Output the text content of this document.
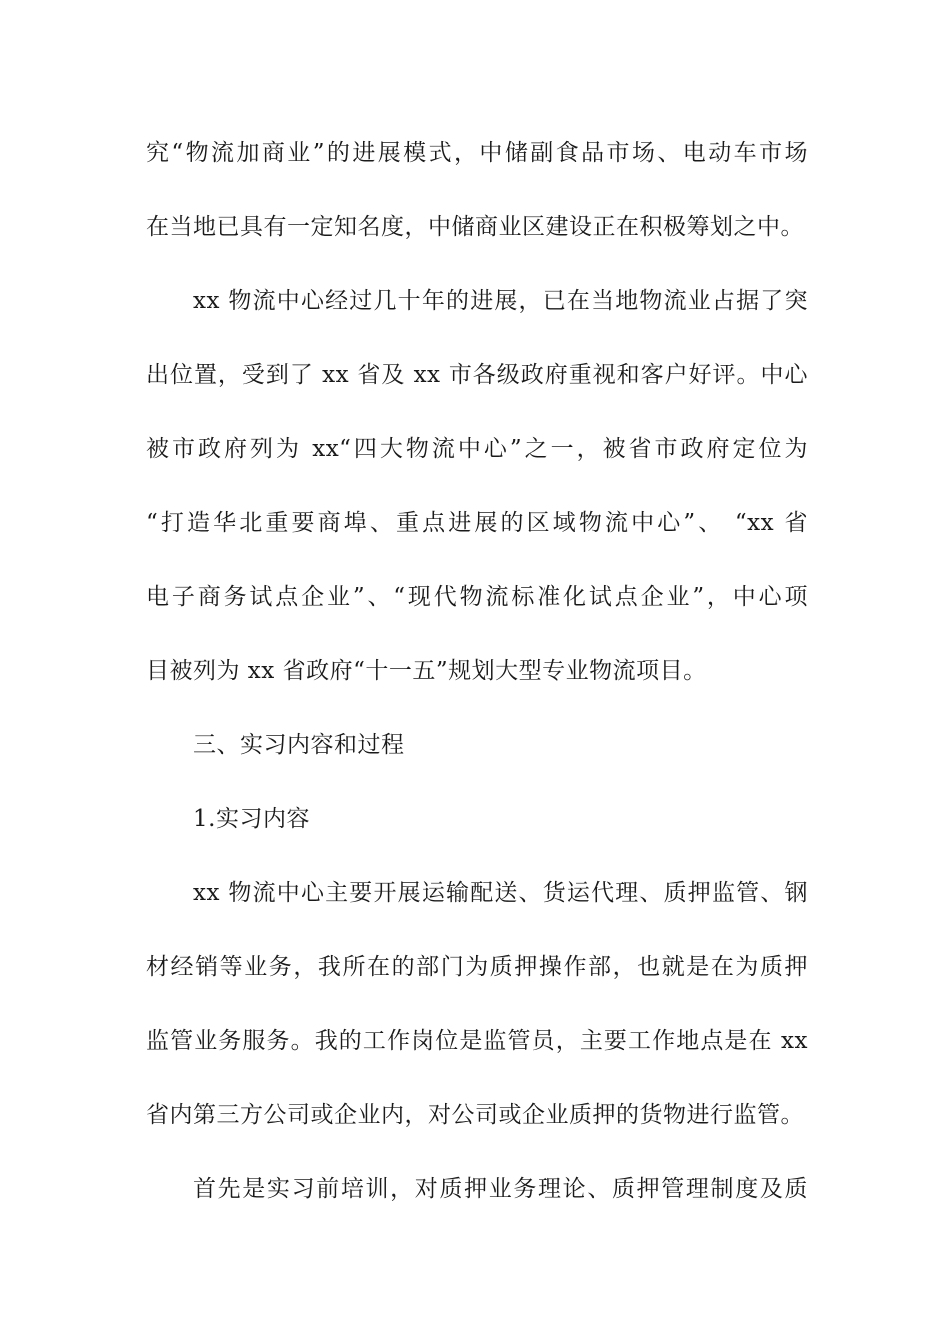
究“物流加商业”的进展模式，中储副食品市场、电动车市场
在当地已具有一定知名度，中储商业区建设正在积极筹划之中。
xx 物流中心经过几十年的进展，已在当地物流业占据了突
出位置，受到了 xx 省及 xx 市各级政府重视和客户好评。中心
被市政府列为 xx“四大物流中心”之一，被省市政府定位为
“打造华北重要商埠、重点进展的区域物流中心”、 “xx 省
电子商务试点企业”、“现代物流标准化试点企业”，中心项
目被列为 xx 省政府“十一五”规划大型专业物流项目。
三、实习内容和过程
1.实习内容
xx 物流中心主要开展运输配送、货运代理、质押监管、钢
材经销等业务，我所在的部门为质押操作部，也就是在为质押
监管业务服务。我的工作岗位是监管员，主要工作地点是在 xx
省内第三方公司或企业内，对公司或企业质押的货物进行监管。
首先是实习前培训，对质押业务理论、质押管理制度及质
